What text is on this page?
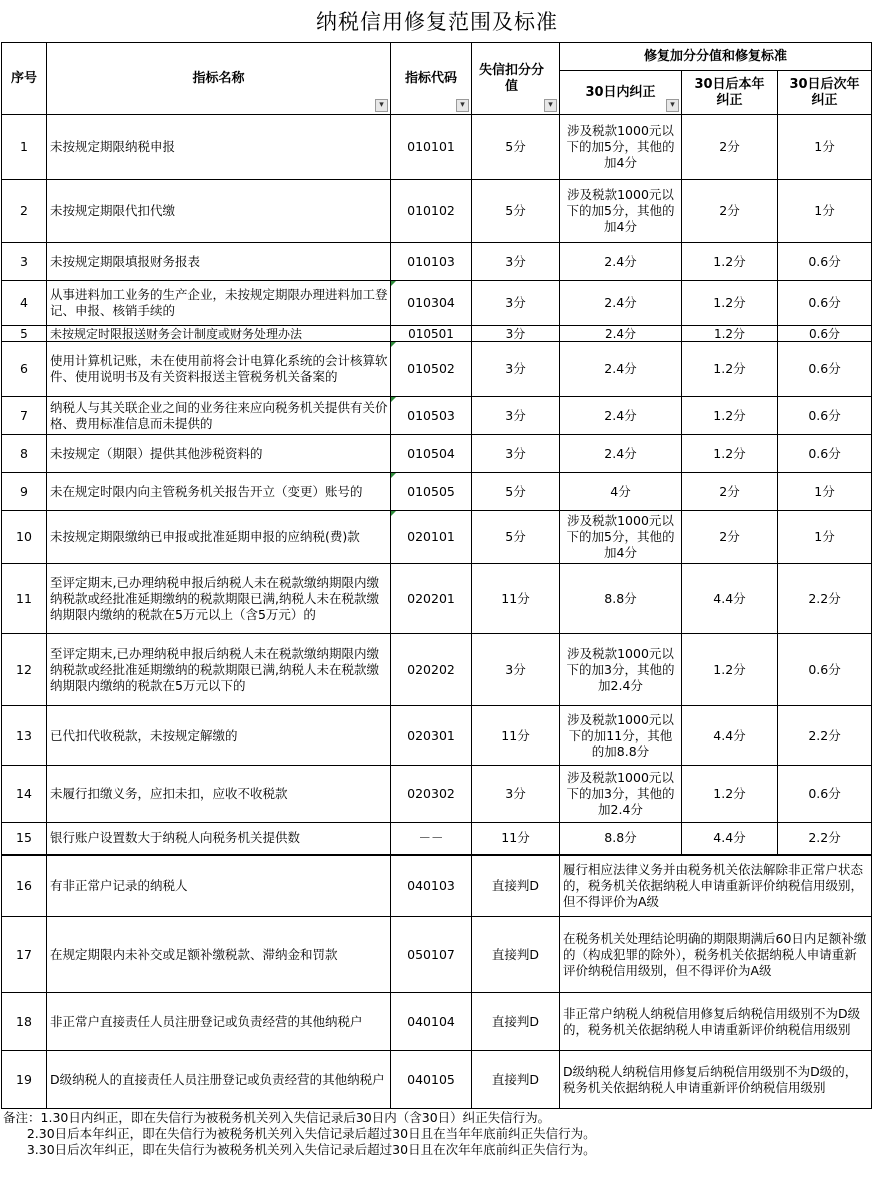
纳税信用修复范围及标准
序号	指标名称 ▾	指标代码 ▾	失信扣分分值 ▾	修复加分分值和修复标准		
				30日内纠正 ▾	30日后本年纠正	30日后次年纠正
1	未按规定期限纳税申报	010101	5分	涉及税款1000元以下的加5分，其他的加4分	2分	1分
2	未按规定期限代扣代缴	010102	5分	涉及税款1000元以下的加5分，其他的加4分	2分	1分
3	未按规定期限填报财务报表	010103	3分	2.4分	1.2分	0.6分
4	从事进料加工业务的生产企业，未按规定期限办理进料加工登记、申报、核销手续的	010304	3分	2.4分	1.2分	0.6分
5	未按规定时限报送财务会计制度或财务处理办法	010501	3分	2.4分	1.2分	0.6分
6	使用计算机记账，未在使用前将会计电算化系统的会计核算软件、使用说明书及有关资料报送主管税务机关备案的	010502	3分	2.4分	1.2分	0.6分
7	纳税人与其关联企业之间的业务往来应向税务机关提供有关价格、费用标准信息而未提供的	010503	3分	2.4分	1.2分	0.6分
8	未按规定（期限）提供其他涉税资料的	010504	3分	2.4分	1.2分	0.6分
9	未在规定时限内向主管税务机关报告开立（变更）账号的	010505	5分	4分	2分	1分
10	未按规定期限缴纳已申报或批准延期申报的应纳税(费)款	020101	5分	涉及税款1000元以下的加5分，其他的加4分	2分	1分
11	至评定期末,已办理纳税申报后纳税人未在税款缴纳期限内缴纳税款或经批准延期缴纳的税款期限已满,纳税人未在税款缴纳期限内缴纳的税款在5万元以上（含5万元）的	020201	11分	8.8分	4.4分	2.2分
12	至评定期末,已办理纳税申报后纳税人未在税款缴纳期限内缴纳税款或经批准延期缴纳的税款期限已满,纳税人未在税款缴纳期限内缴纳的税款在5万元以下的	020202	3分	涉及税款1000元以下的加3分，其他的加2.4分	1.2分	0.6分
13	已代扣代收税款，未按规定解缴的	020301	11分	涉及税款1000元以下的加11分，其他的加8.8分	4.4分	2.2分
14	未履行扣缴义务，应扣未扣，应收不收税款	020302	3分	涉及税款1000元以下的加3分，其他的加2.4分	1.2分	0.6分
15	银行账户设置数大于纳税人向税务机关提供数	－－	11分	8.8分	4.4分	2.2分
16	有非正常户记录的纳税人	040103	直接判D	履行相应法律义务并由税务机关依法解除非正常户状态的，税务机关依据纳税人申请重新评价纳税信用级别，但不得评价为A级		
17	在规定期限内未补交或足额补缴税款、滞纳金和罚款	050107	直接判D	在税务机关处理结论明确的期限期满后60日内足额补缴的（构成犯罪的除外），税务机关依据纳税人申请重新评价纳税信用级别，但不得评价为A级		
18	非正常户直接责任人员注册登记或负责经营的其他纳税户	040104	直接判D	非正常户纳税人纳税信用修复后纳税信用级别不为D级的，税务机关依据纳税人申请重新评价纳税信用级别		
19	D级纳税人的直接责任人员注册登记或负责经营的其他纳税户	040105	直接判D	D级纳税人纳税信用修复后纳税信用级别不为D级的，税务机关依据纳税人申请重新评价纳税信用级别		
备注：1.30日内纠正，即在失信行为被税务机关列入失信记录后30日内（含30日）纠正失信行为。
2.30日后本年纠正，即在失信行为被税务机关列入失信记录后超过30日且在当年年底前纠正失信行为。
3.30日后次年纠正，即在失信行为被税务机关列入失信记录后超过30日且在次年年底前纠正失信行为。
